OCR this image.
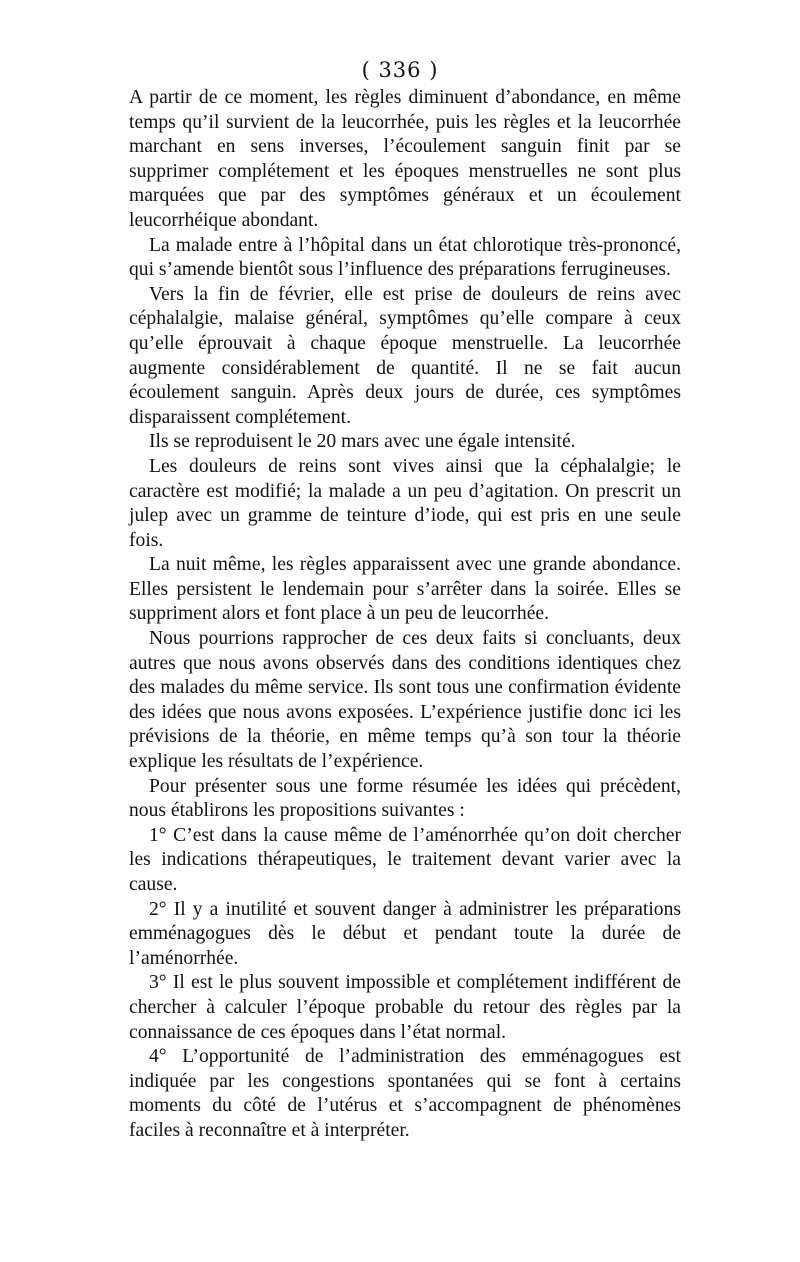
( 336 )

A partir de ce moment, les règles diminuent d’abondance, en même temps qu’il survient de la leucorrhée, puis les règles et la leucorrhée marchant en sens inverses, l’écoulement sanguin finit par se supprimer complétement et les époques menstruelles ne sont plus marquées que par des symptômes généraux et un écoulement leucorrhéique abondant.

La malade entre à l’hôpital dans un état chlorotique très-prononcé, qui s’amende bientôt sous l’influence des préparations ferrugineuses.

Vers la fin de février, elle est prise de douleurs de reins avec céphalalgie, malaise général, symptômes qu’elle compare à ceux qu’elle éprouvait à chaque époque menstruelle. La leucorrhée augmente considérablement de quantité. Il ne se fait aucun écoulement sanguin. Après deux jours de durée, ces symptômes disparaissent complétement.

Ils se reproduisent le 20 mars avec une égale intensité.

Les douleurs de reins sont vives ainsi que la céphalalgie; le caractère est modifié; la malade a un peu d’agitation. On prescrit un julep avec un gramme de teinture d’iode, qui est pris en une seule fois.

La nuit même, les règles apparaissent avec une grande abondance. Elles persistent le lendemain pour s’arrêter dans la soirée. Elles se suppriment alors et font place à un peu de leucorrhée.

Nous pourrions rapprocher de ces deux faits si concluants, deux autres que nous avons observés dans des conditions identiques chez des malades du même service. Ils sont tous une confirmation évidente des idées que nous avons exposées. L’expérience justifie donc ici les prévisions de la théorie, en même temps qu’à son tour la théorie explique les résultats de l’expérience.

Pour présenter sous une forme résumée les idées qui précèdent, nous établirons les propositions suivantes :

1° C’est dans la cause même de l’aménorrhée qu’on doit chercher les indications thérapeutiques, le traitement devant varier avec la cause.

2° Il y a inutilité et souvent danger à administrer les préparations emménagogues dès le début et pendant toute la durée de l’aménorrhée.

3° Il est le plus souvent impossible et complétement indifférent de chercher à calculer l’époque probable du retour des règles par la connaissance de ces époques dans l’état normal.

4° L’opportunité de l’administration des emménagogues est indiquée par les congestions spontanées qui se font à certains moments du côté de l’utérus et s’accompagnent de phénomènes faciles à reconnaître et à interpréter.
